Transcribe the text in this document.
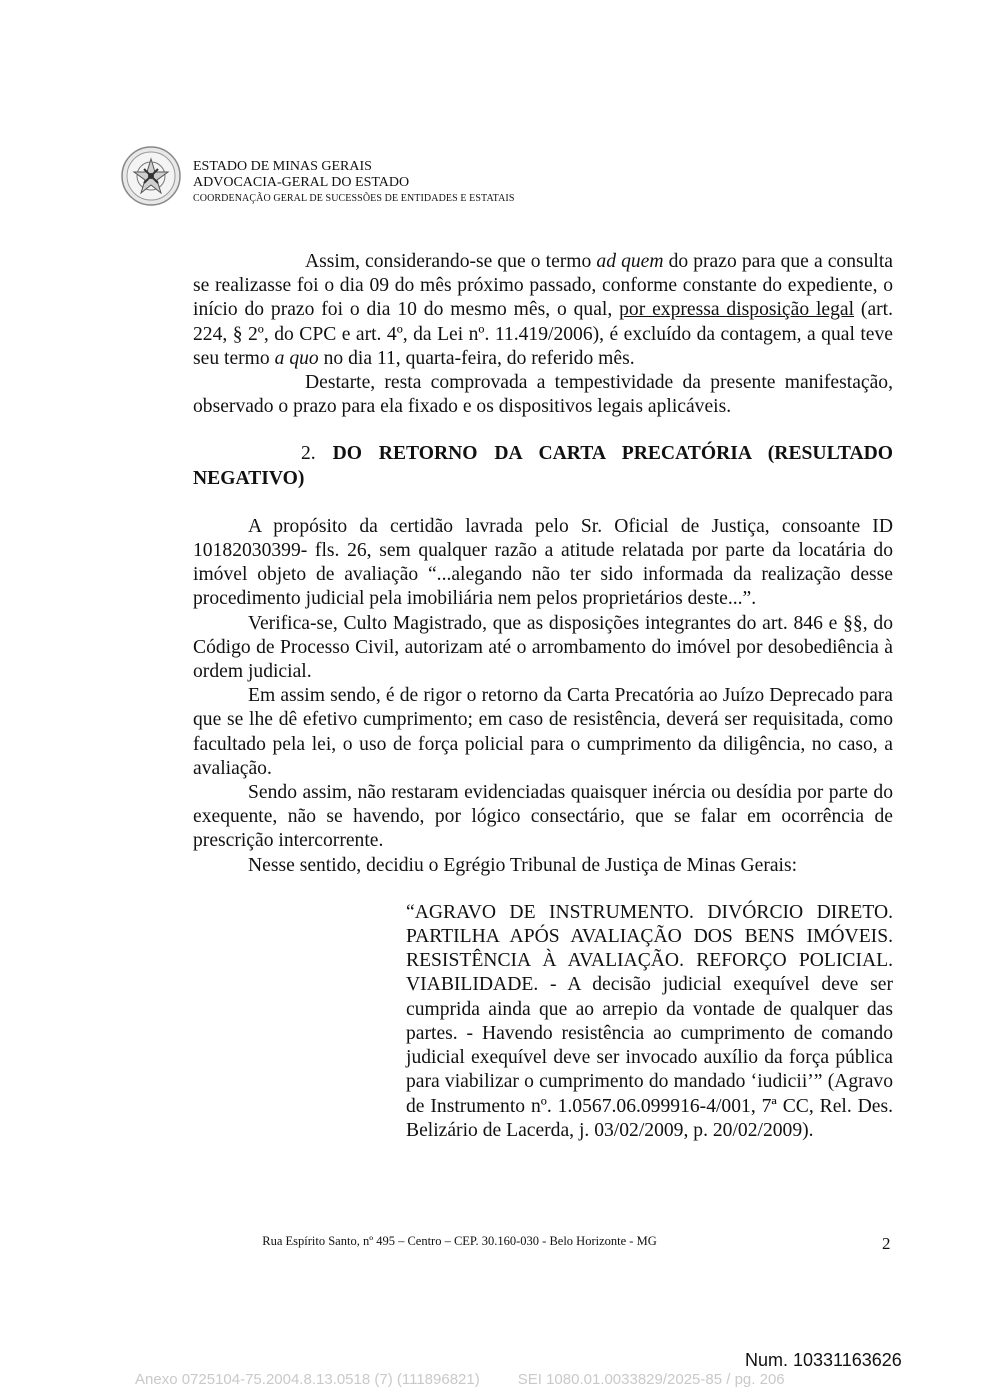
ESTADO DE MINAS GERAIS
ADVOCACIA-GERAL DO ESTADO
COORDENAÇÃO GERAL DE SUCESSÕES DE ENTIDADES E ESTATAIS

Assim, considerando-se que o termo ad quem do prazo para que a consulta se realizasse foi o dia 09 do mês próximo passado, conforme constante do expediente, o início do prazo foi o dia 10 do mesmo mês, o qual, por expressa disposição legal (art. 224, § 2º, do CPC e art. 4º, da Lei nº. 11.419/2006), é excluído da contagem, a qual teve seu termo a quo no dia 11, quarta-feira, do referido mês.

Destarte, resta comprovada a tempestividade da presente manifestação, observado o prazo para ela fixado e os dispositivos legais aplicáveis.

2. DO RETORNO DA CARTA PRECATÓRIA (RESULTADO NEGATIVO)

A propósito da certidão lavrada pelo Sr. Oficial de Justiça, consoante ID 10182030399- fls. 26, sem qualquer razão a atitude relatada por parte da locatária do imóvel objeto de avaliação “...alegando não ter sido informada da realização desse procedimento judicial pela imobiliária nem pelos proprietários deste...”.

Verifica-se, Culto Magistrado, que as disposições integrantes do art. 846 e §§, do Código de Processo Civil, autorizam até o arrombamento do imóvel por desobediência à ordem judicial.

Em assim sendo, é de rigor o retorno da Carta Precatória ao Juízo Deprecado para que se lhe dê efetivo cumprimento; em caso de resistência, deverá ser requisitada, como facultado pela lei, o uso de força policial para o cumprimento da diligência, no caso, a avaliação.

Sendo assim, não restaram evidenciadas quaisquer inércia ou desídia por parte do exequente, não se havendo, por lógico consectário, que se falar em ocorrência de prescrição intercorrente.

Nesse sentido, decidiu o Egrégio Tribunal de Justiça de Minas Gerais:

“AGRAVO DE INSTRUMENTO. DIVÓRCIO DIRETO. PARTILHA APÓS AVALIAÇÃO DOS BENS IMÓVEIS. RESISTÊNCIA À AVALIAÇÃO. REFORÇO POLICIAL. VIABILIDADE. - A decisão judicial exequível deve ser cumprida ainda que ao arrepio da vontade de qualquer das partes. - Havendo resistência ao cumprimento de comando judicial exequível deve ser invocado auxílio da força pública para viabilizar o cumprimento do mandado ‘iudicii’” (Agravo de Instrumento nº. 1.0567.06.099916-4/001, 7ª CC, Rel. Des. Belizário de Lacerda, j. 03/02/2009, p. 20/02/2009).

Rua Espírito Santo, nº 495 – Centro – CEP. 30.160-030 - Belo Horizonte - MG	2
Num. 10331163626
Anexo 0725104-75.2004.8.13.0518 (7) (111896821)	SEI 1080.01.0033829/2025-85 / pg. 206
